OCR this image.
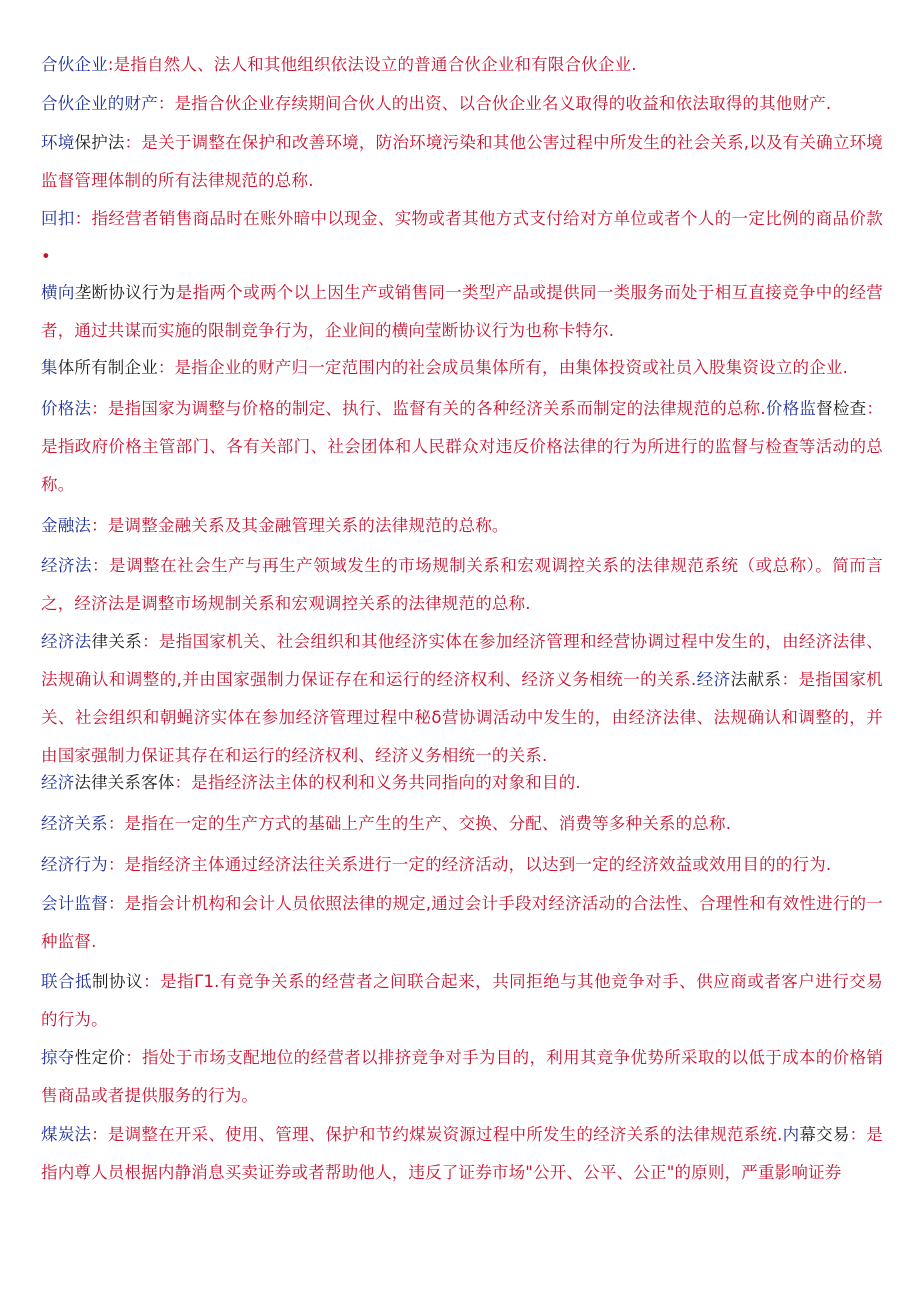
合伙企业:是指自然人、法人和其他组织依法设立的普通合伙企业和有限合伙企业.

合伙企业的财产：是指合伙企业存续期间合伙人的出资、以合伙企业名义取得的收益和依法取得的其他财产.

环境保护法：是关于调整在保护和改善环境，防治环境污染和其他公害过程中所发生的社会关系,以及有关确立环境监督管理体制的所有法律规范的总称.

回扣：指经营者销售商品时在账外暗中以现金、实物或者其他方式支付给对方单位或者个人的一定比例的商品价款•

横向垄断协议行为是指两个或两个以上因生产或销售同一类型产品或提供同一类服务而处于相互直接竞争中的经营者，通过共谋而实施的限制竞争行为，企业间的横向莹断协议行为也称卡特尔.

集体所有制企业：是指企业的财产归一定范围内的社会成员集体所有，由集体投资或社员入股集资设立的企业.

价格法：是指国家为调整与价格的制定、执行、监督有关的各种经济关系而制定的法律规范的总称.价格监督检查：是指政府价格主管部门、各有关部门、社会团体和人民群众对违反价格法律的行为所进行的监督与检查等活动的总称。

金融法：是调整金融关系及其金融管理关系的法律规范的总称。

经济法：是调整在社会生产与再生产领域发生的市场规制关系和宏观调控关系的法律规范系统（或总称）。简而言之，经济法是调整市场规制关系和宏观调控关系的法律规范的总称.

经济法律关系：是指国家机关、社会组织和其他经济实体在参加经济管理和经营协调过程中发生的，由经济法律、法规确认和调整的,并由国家强制力保证存在和运行的经济权利、经济义务相统一的关系.经济法献系：是指国家机关、社会组织和朝蝇济实体在参加经济管理过程中秘δ营协调活动中发生的，由经济法律、法规确认和调整的，并由国家强制力保证其存在和运行的经济权利、经济义务相统一的关系.

经济法律关系客体：是指经济法主体的权利和义务共同指向的对象和目的.

经济关系：是指在一定的生产方式的基础上产生的生产、交换、分配、消费等多种关系的总称.

经济行为：是指经济主体通过经济法往关系进行一定的经济活动，以达到一定的经济效益或效用目的的行为.

会计监督：是指会计机构和会计人员依照法律的规定,通过会计手段对经济活动的合法性、合理性和有效性进行的一种监督.

联合抵制协议：是指Γ1.有竞争关系的经营者之间联合起来，共同拒绝与其他竞争对手、供应商或者客户进行交易的行为。

掠夺性定价：指处于市场支配地位的经营者以排挤竞争对手为目的，利用其竞争优势所采取的以低于成本的价格销售商品或者提供服务的行为。

煤炭法：是调整在开采、使用、管理、保护和节约煤炭资源过程中所发生的经济关系的法律规范系统.内幕交易：是指内尊人员根据内静消息买卖证券或者帮助他人，违反了证券市场"公开、公平、公正"的原则，严重影响证券
